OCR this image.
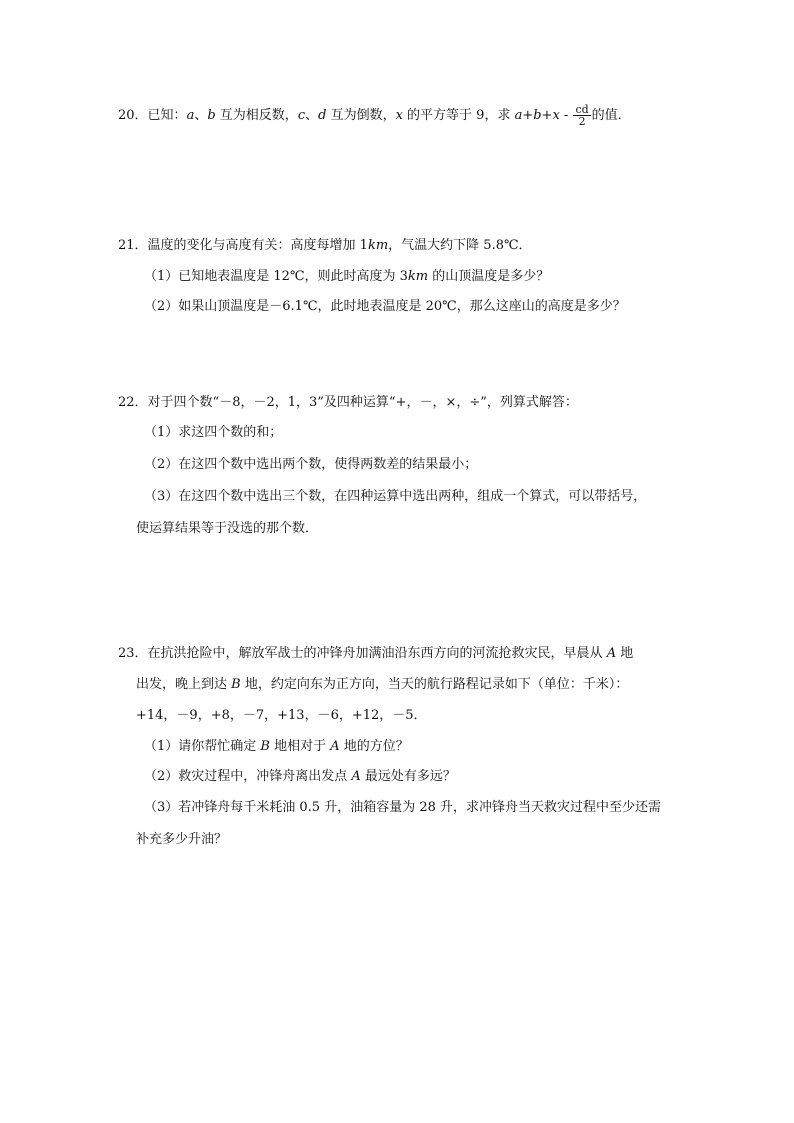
20．已知：a、b 互为相反数，c、d 互为倒数，x 的平方等于 9，求 $a+b+x - \frac{cd}{2}$ 的值．
21．温度的变化与高度有关：高度每增加 1km，气温大约下降 5.8℃．
（1）已知地表温度是 12℃，则此时高度为 3km 的山顶温度是多少？
（2）如果山顶温度是－6.1℃，此时地表温度是 20℃，那么这座山的高度是多少？
22．对于四个数“－8，－2，1，3”及四种运算“+，－，×，÷”，列算式解答：
（1）求这四个数的和；
（2）在这四个数中选出两个数，使得两数差的结果最小；
（3）在这四个数中选出三个数，在四种运算中选出两种，组成一个算式，可以带括号，
使运算结果等于没选的那个数．
23．在抗洪抢险中，解放军战士的冲锋舟加满油沿东西方向的河流抢救灾民，早晨从 A 地
出发，晚上到达 B 地，约定向东为正方向，当天的航行路程记录如下（单位：千米）：
+14，－9，+8，－7，+13，－6，+12，－5．
（1）请你帮忙确定 B 地相对于 A 地的方位？
（2）救灾过程中，冲锋舟离出发点 A 最远处有多远？
（3）若冲锋舟每千米耗油 0.5 升，油箱容量为 28 升，求冲锋舟当天救灾过程中至少还需
补充多少升油？
